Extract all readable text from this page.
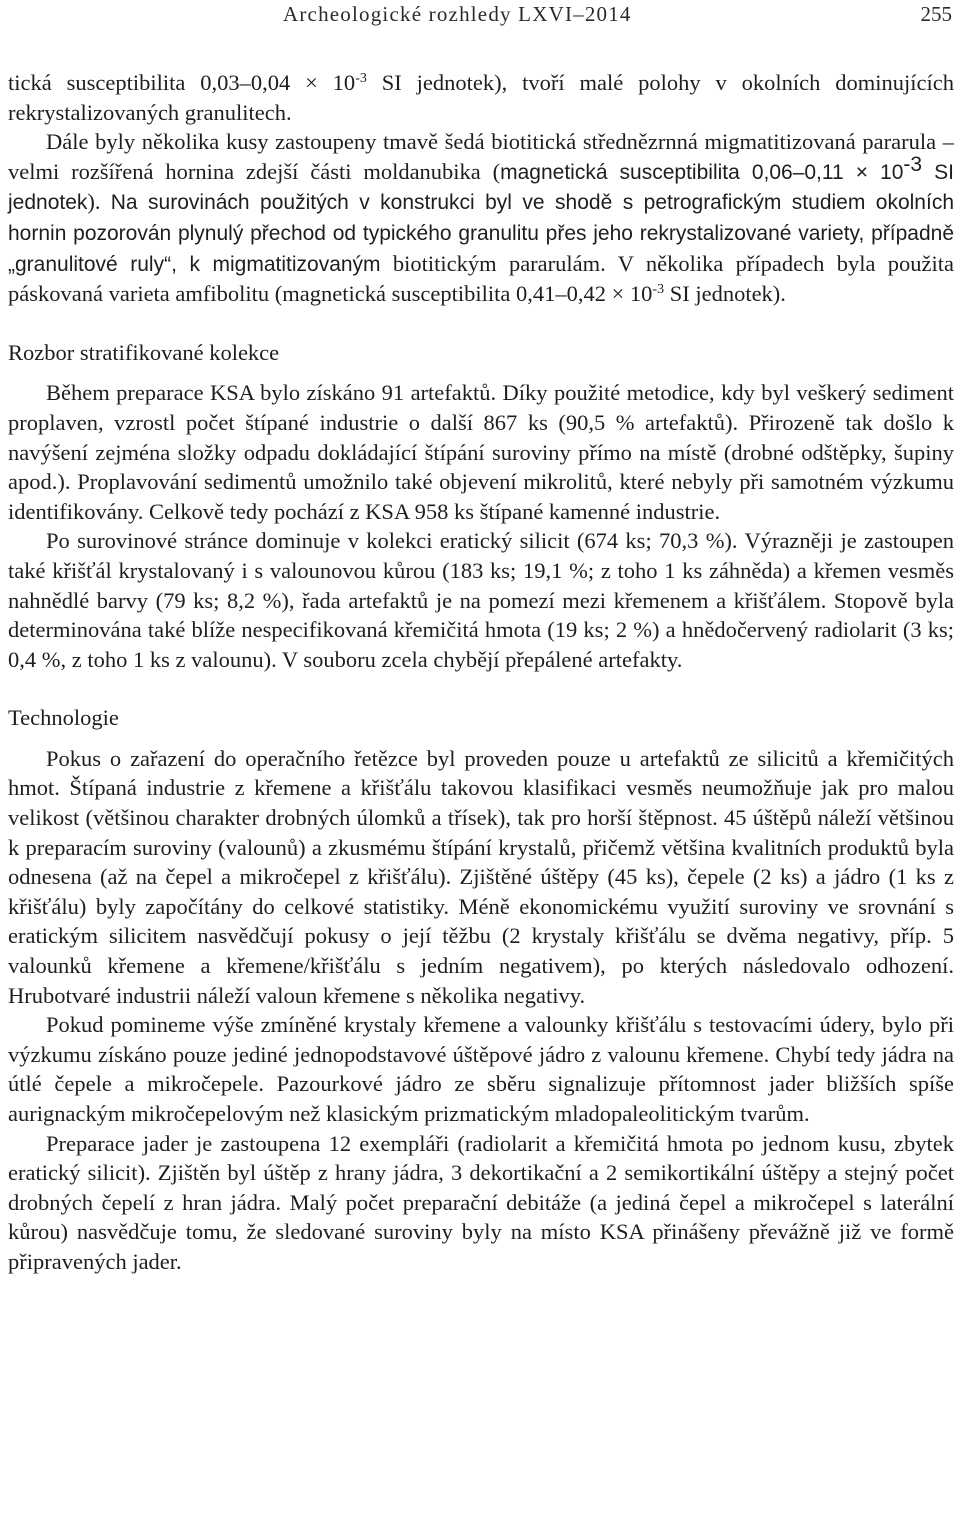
Archeologické rozhledy LXVI–2014	255

tická susceptibilita $0,03-0,04 \times 10^{-3}$ SI jednotek), tvoří malé polohy v okolních dominujících rekrystalizovaných granulitech.

Dále byly několika kusy zastoupeny tmavě šedá biotitická střednězrnná migmatitizovaná pararula – velmi rozšířená hornina zdejší části moldanubika (magnetická susceptibilita $0,06-0,11 \times 10^{-3}$ SI jednotek). Na surovinách použitých v konstrukci byl ve shodě s petrografickým studiem okolních hornin pozorován plynulý přechod od typického granulitu přes jeho rekrystalizované variety, případně „granulitové ruly“, k migmatitizovaným biotitickým pararulám. V několika případech byla použita páskovaná varieta amfibolitu (magnetická susceptibilita $0,41-0,42 \times 10^{-3}$ SI jednotek).

Rozbor stratifikované kolekce

Během preparace KSA bylo získáno 91 artefaktů. Díky použité metodice, kdy byl veškerý sediment proplaven, vzrostl počet štípané industrie o další 867 ks (90,5 % artefaktů). Přirozeně tak došlo k navýšení zejména složky odpadu dokládající štípání suroviny přímo na místě (drobné odštěpky, šupiny apod.). Proplavování sedimentů umožnilo také objevení mikrolitů, které nebyly při samotném výzkumu identifikovány. Celkově tedy pochází z KSA 958 ks štípané kamenné industrie.

Po surovinové stránce dominuje v kolekci eratický silicit (674 ks; 70,3 %). Výrazněji je zastoupen také křišťál krystalovaný i s valounovou kůrou (183 ks; 19,1 %; z toho 1 ks záhněda) a křemen vesměs nahnědlé barvy (79 ks; 8,2 %), řada artefaktů je na pomezí mezi křemenem a křišťálem. Stopově byla determinována také blíže nespecifikovaná křemičitá hmota (19 ks; 2 %) a hnědočervený radiolarit (3 ks; 0,4 %, z toho 1 ks z valounu). V souboru zcela chybějí přepálené artefakty.

Technologie

Pokus o zařazení do operačního řetězce byl proveden pouze u artefaktů ze silicitů a křemičitých hmot. Štípaná industrie z křemene a křišťálu takovou klasifikaci vesměs neumožňuje jak pro malou velikost (většinou charakter drobných úlomků a třísek), tak pro horší štěpnost. 45 úštěpů náleží většinou k preparacím suroviny (valounů) a zkusmému štípání krystalů, přičemž většina kvalitních produktů byla odnesena (až na čepel a mikročepel z křišťálu). Zjištěné úštěpy (45 ks), čepele (2 ks) a jádro (1 ks z křišťálu) byly započítány do celkové statistiky. Méně ekonomickému využití suroviny ve srovnání s eratickým silicitem nasvědčují pokusy o její těžbu (2 krystaly křišťálu se dvěma negativy, příp. 5 valounků křemene a křemene/křišťálu s jedním negativem), po kterých následovalo odhození. Hrubotvaré industrii náleží valoun křemene s několika negativy.

Pokud pomineme výše zmíněné krystaly křemene a valounky křišťálu s testovacími údery, bylo při výzkumu získáno pouze jediné jednopodstavové úštěpové jádro z valounu křemene. Chybí tedy jádra na útlé čepele a mikročepele. Pazourkové jádro ze sběru signalizuje přítomnost jader bližších spíše aurignackým mikročepelovým než klasickým prizmatickým mladopaleolitickým tvarům.

Preparace jader je zastoupena 12 exempláři (radiolarit a křemičitá hmota po jednom kusu, zbytek eratický silicit). Zjištěn byl úštěp z hrany jádra, 3 dekortikační a 2 semikortikální úštěpy a stejný počet drobných čepelí z hran jádra. Malý počet preparační debitáže (a jediná čepel a mikročepel s laterální kůrou) nasvědčuje tomu, že sledované suroviny byly na místo KSA přinášeny převážně již ve formě připravených jader.
